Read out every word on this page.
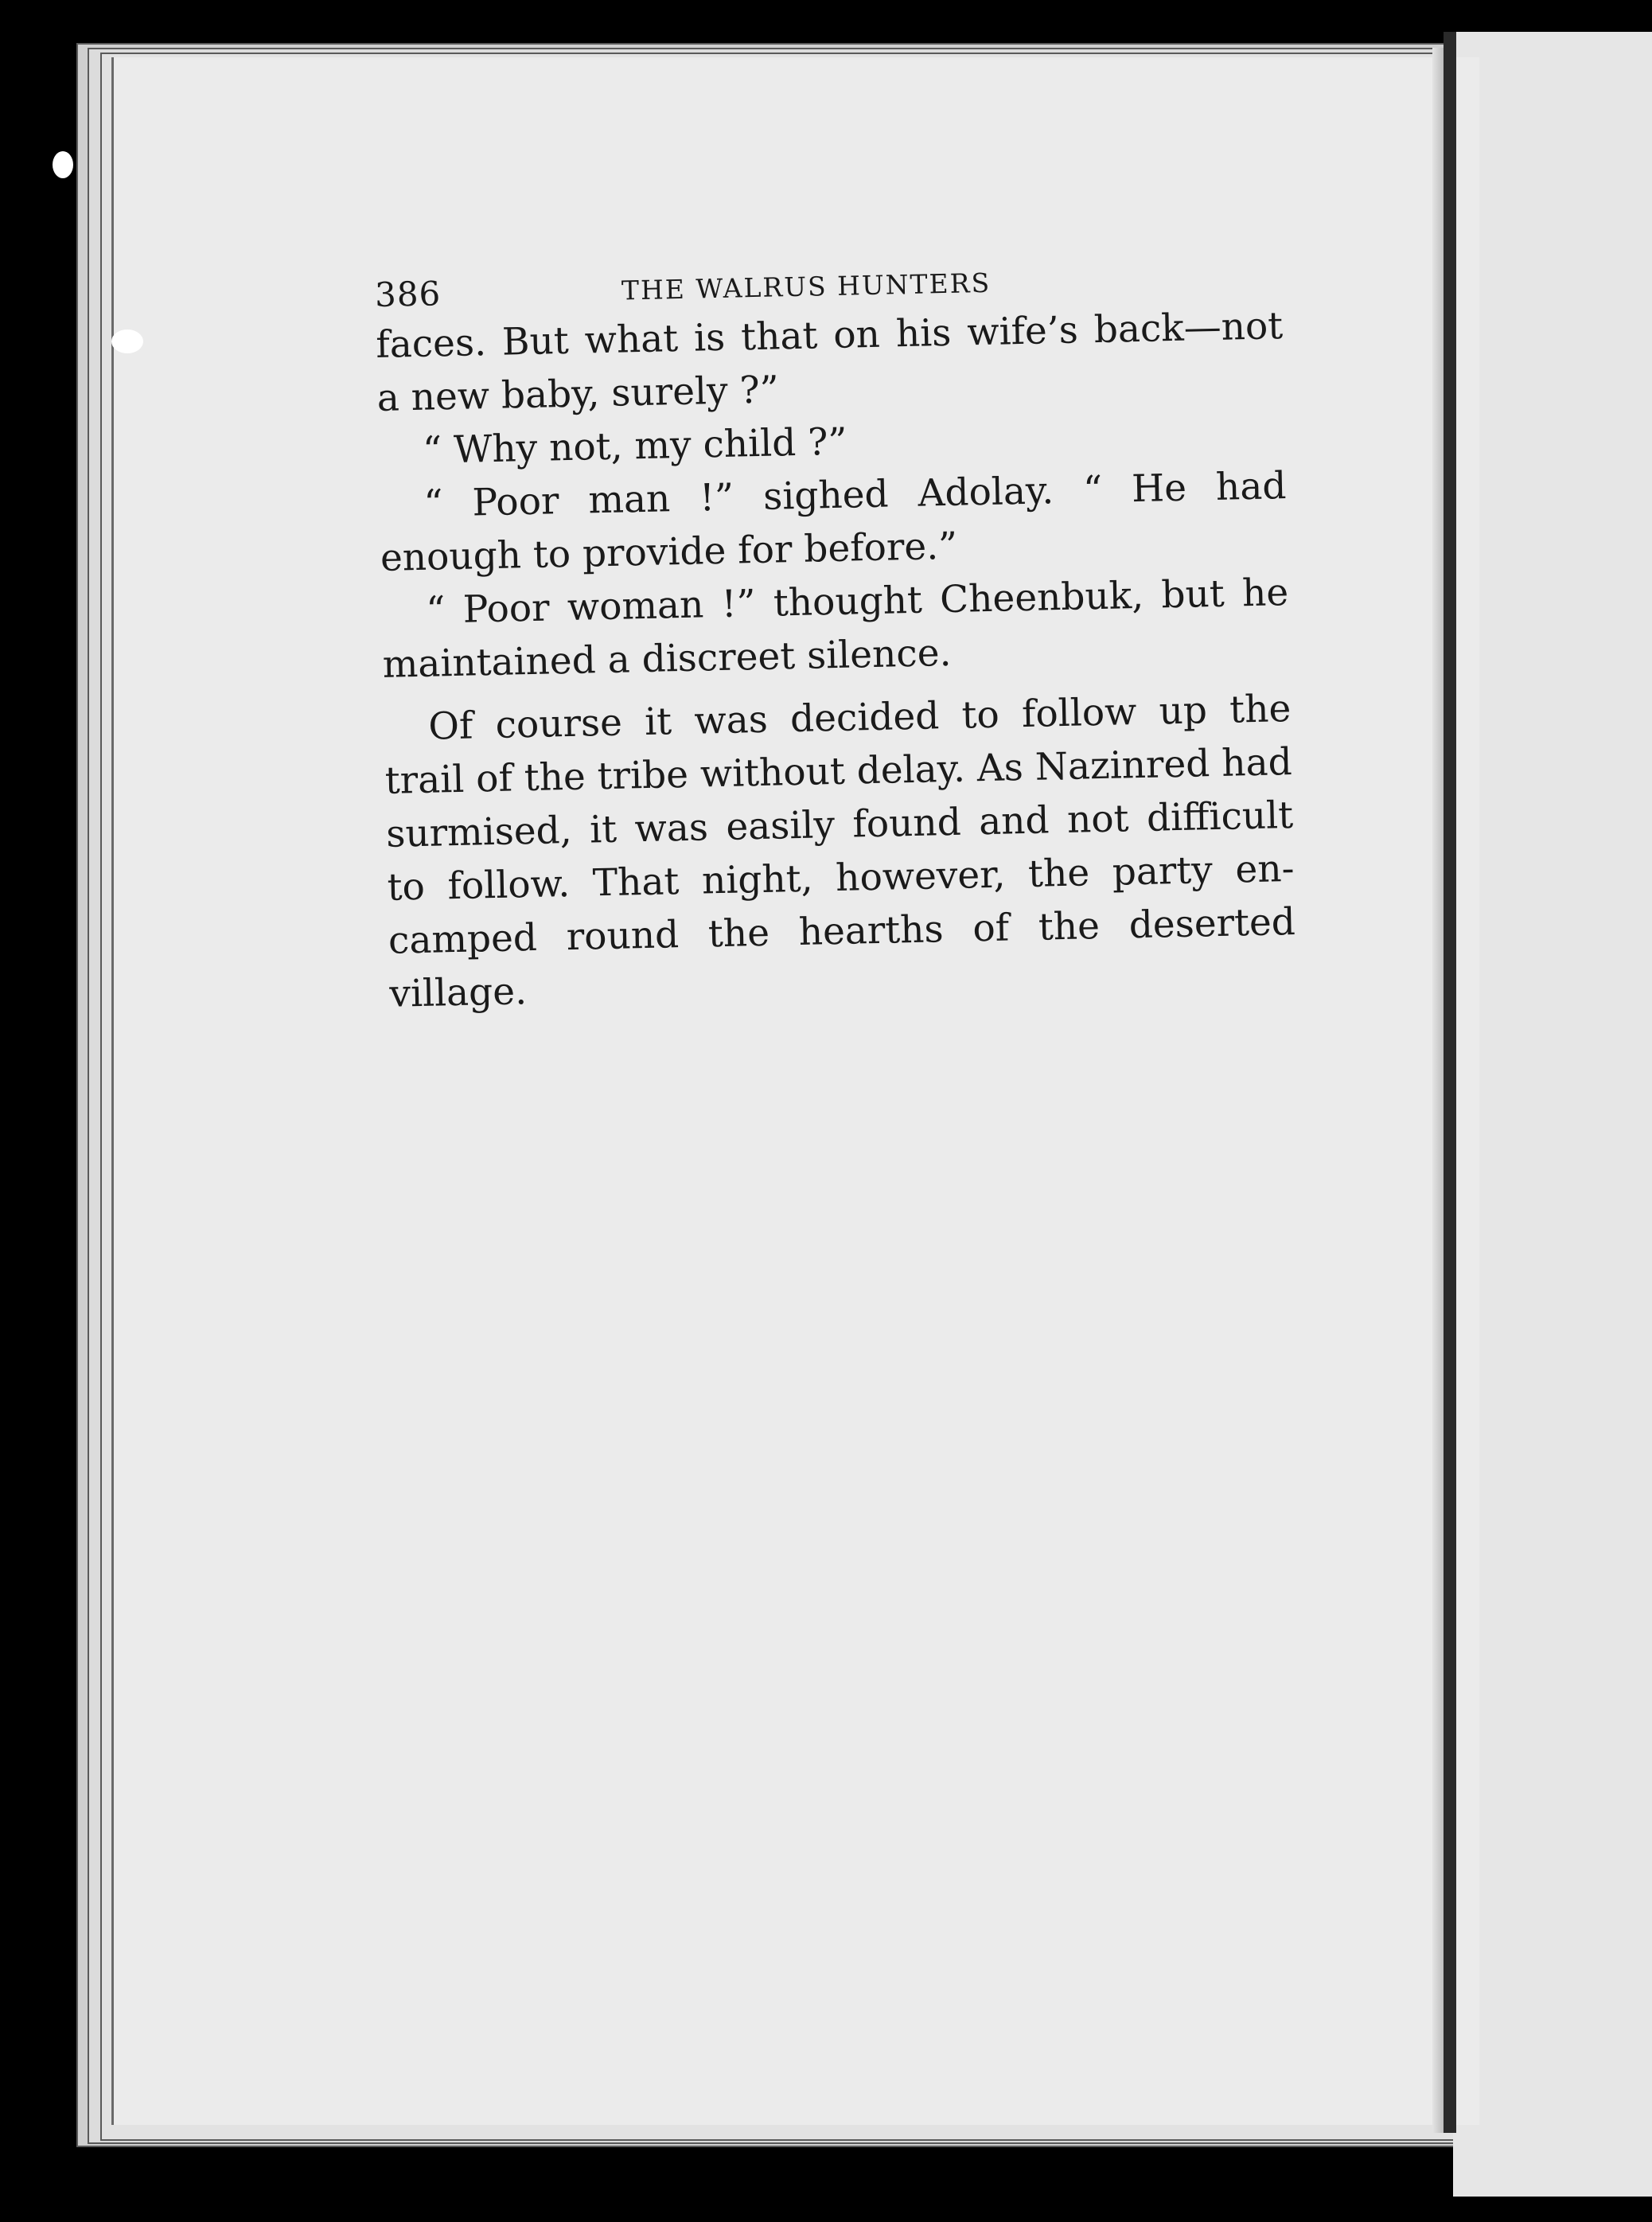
386	THE WALRUS HUNTERS

faces. But what is that on his wife’s back—not a new baby, surely ?”

“ Why not, my child ?”

“ Poor man !” sighed Adolay. “ He had enough to provide for before.”

“ Poor woman !” thought Cheenbuk, but he maintained a discreet silence.

Of course it was decided to follow up the trail of the tribe without delay. As Nazinred had surmised, it was easily found and not difficult to follow. That night, however, the party en-camped round the hearths of the deserted village.
